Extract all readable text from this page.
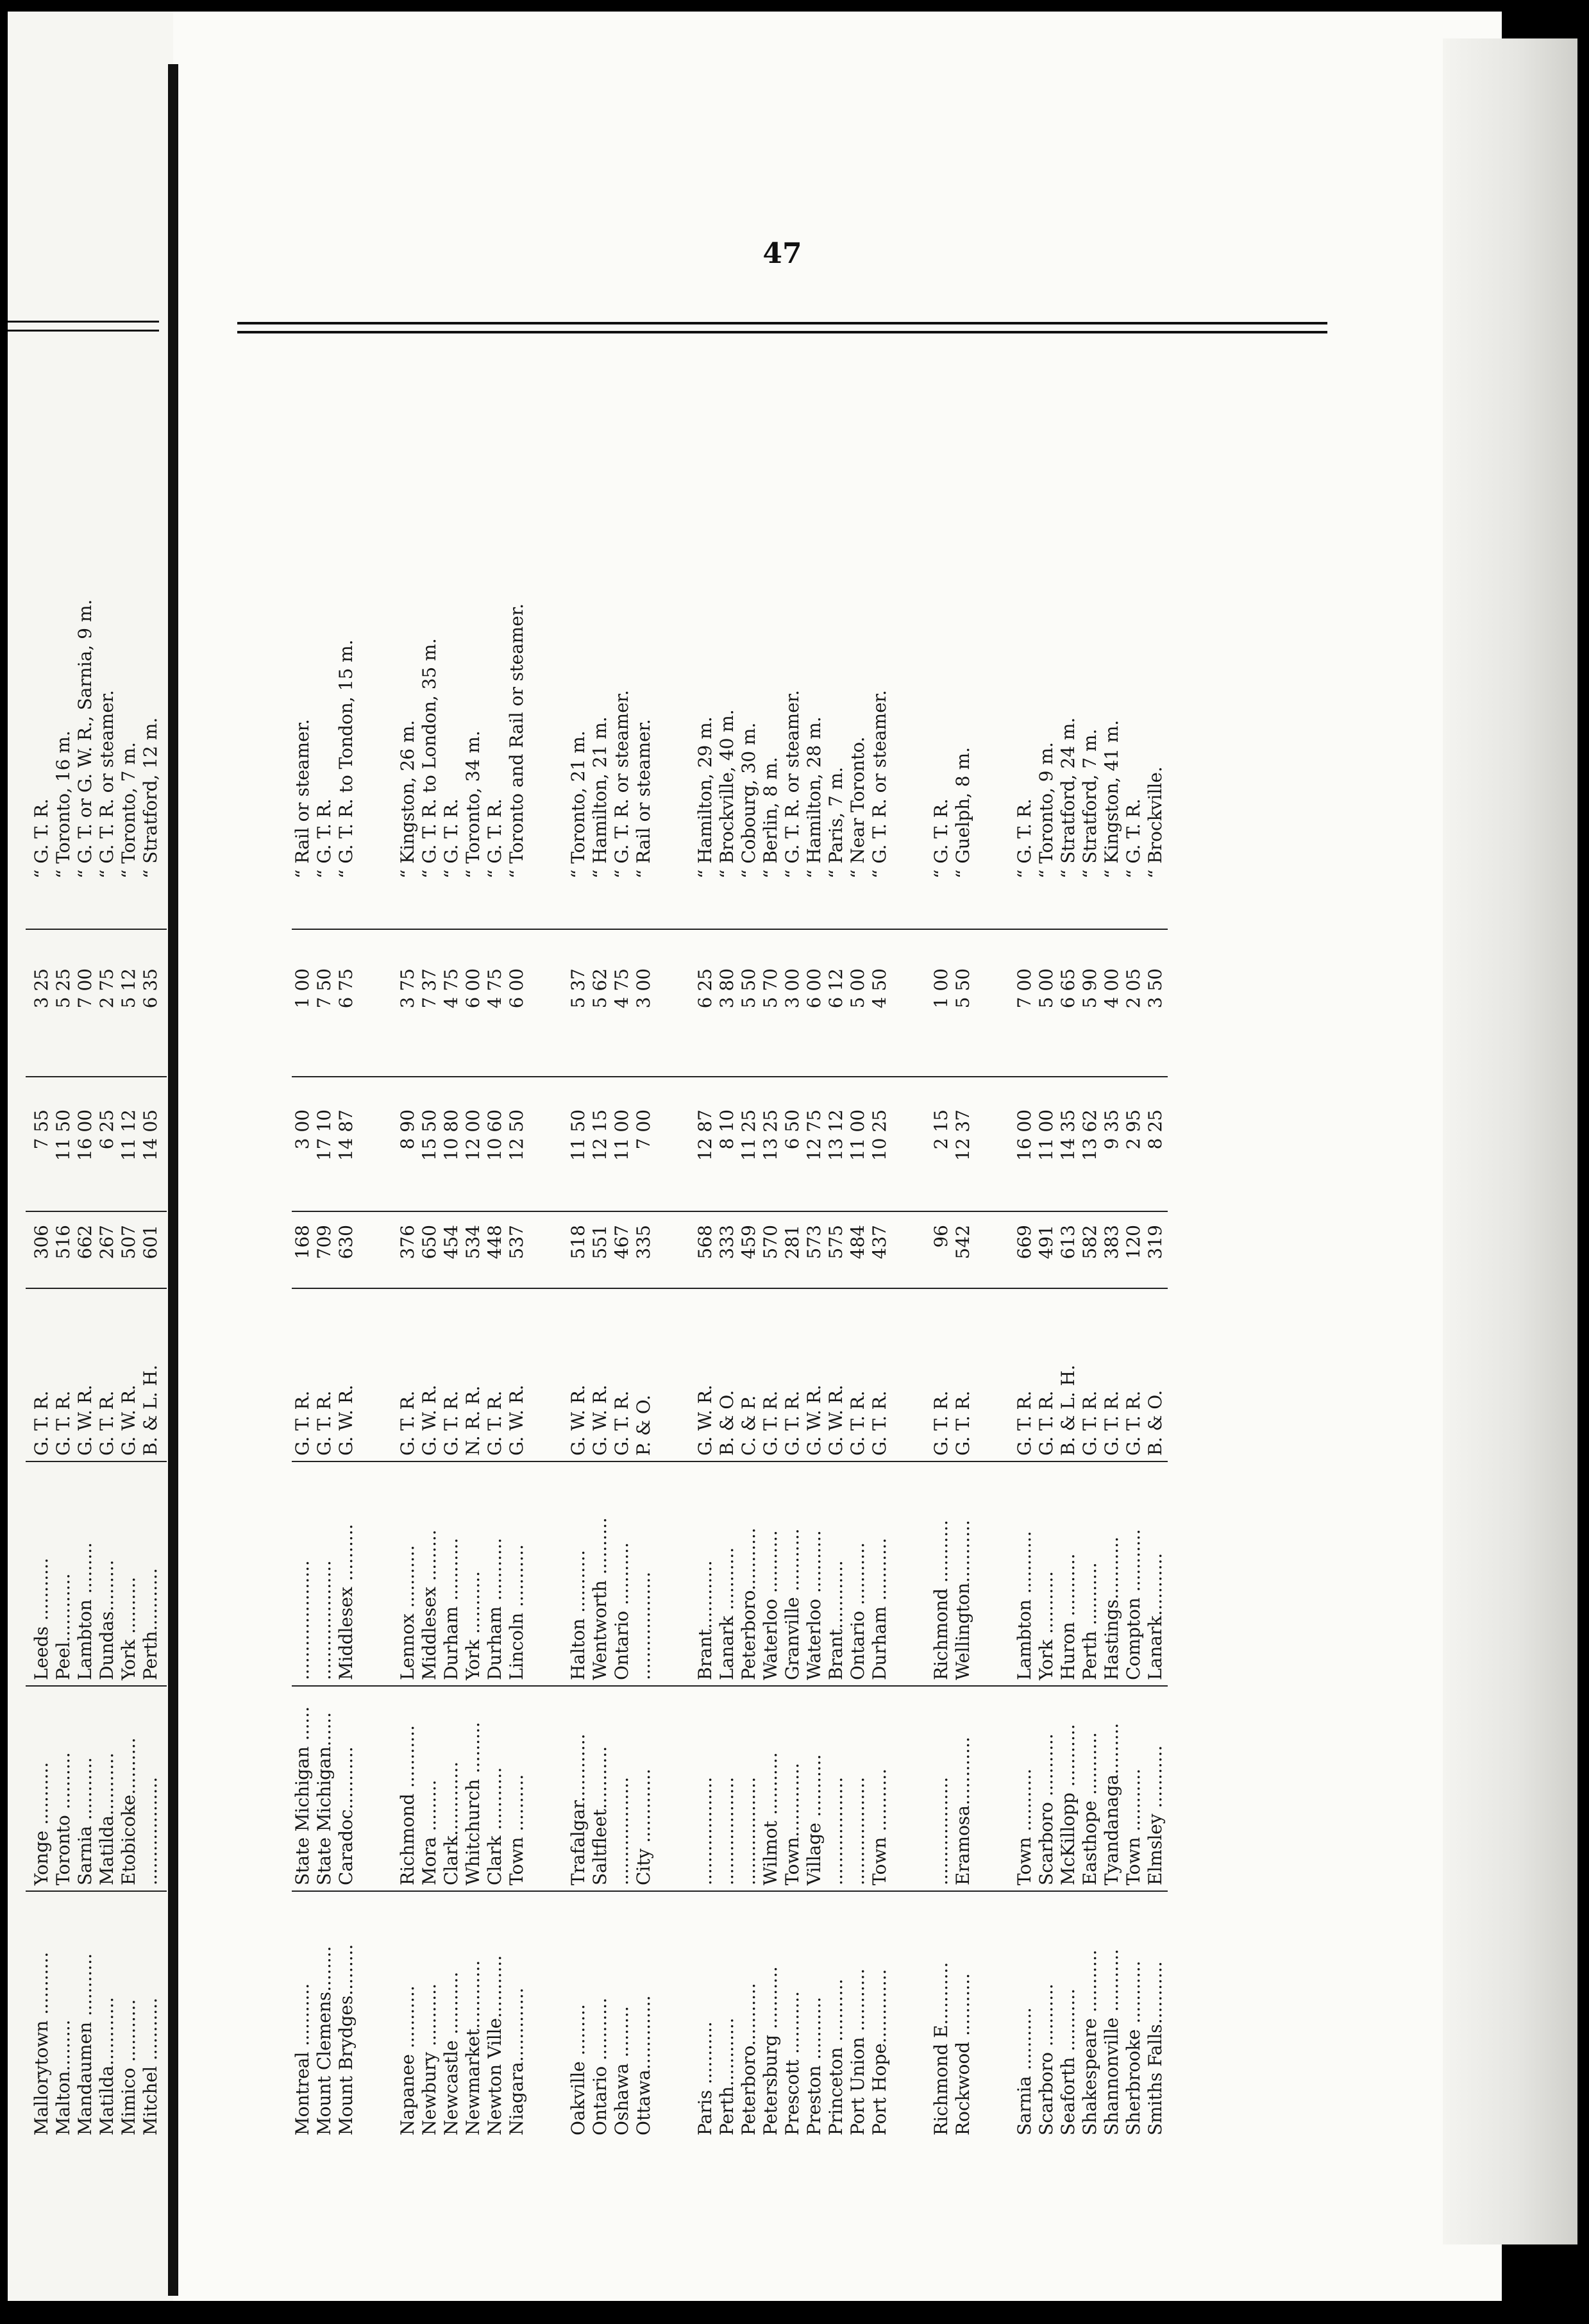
47
Mallorytown ...........
Yonge ...........
Leeds ...........
G. T. R.
306
7 55
3 25
“ G. T. R.
Malton.........
Toronto ..........
Peel............
G. T. R.
516
11 50
5 25
“ Toronto, 16 m.
Mandaumen ...........
Sarnia ...........
Lambton .........
G. W. R.
662
16 00
7 00
“ G. T. or G. W. R., Sarnia, 9 m.
Matilda............
Matilda...........
Dundas.........
G. T. R.
267
6 25
2 75
“ G. T. R. or steamer.
Mimico ...........
Etobicoke..........
York ..........
G. W. R.
507
11 12
5 12
“ Toronto, 7 m.
Mitchel ...........
...................
Perth...........
B. & L. H.
601
14 05
6 35
“ Stratford, 12 m.
Montreal ...........
State Michigan ......
.....................
G. T. R.
168
3 00
1 00
“ Rail or steamer.
Mount Clemens........
State Michigan......
.....................
G. T. R.
709
17 10
7 50
“ G. T. R.
Mount Brydges.........
Caradoc...........
Middlesex ..........
G. W. R.
630
14 87
6 75
“ G. T. R. to Tondon, 15 m.
Napanee ...........
Richmond ...........
Lennox ...........
G. T. R.
376
8 90
3 75
“ Kingston, 26 m.
Newbury ...........
Mora .........
Middlesex .........
G. W. R.
650
15 50
7 37
“ G. T. R. to London, 35 m.
Newcastle ...........
Clark.............
Durham ...........
G. T. R.
454
10 80
4 75
“ G. T. R.
Newmarket............
Whitchurch .........
York ...........
N. R. R.
534
12 00
6 00
“ Toronto, 34 m.
Newton Ville...........
Clark ...........
Durham ...........
G. T. R.
448
10 60
4 75
“ G. T. R.
Niagara.............
Town ..........
Lincoln ...........
G. W. R.
537
12 50
6 00
“ Toronto and Rail or steamer.
Oakville .........
Trafalgar............
Halton ...........
G. W. R.
518
11 50
5 37
“ Toronto, 21 m.
Ontario ...........
Saltfleet...........
Wentworth ..........
G. W. R.
551
12 15
5 62
“ Hamilton, 21 m.
Oshawa .........
...................
Ontario ...........
G. T. R.
467
11 00
4 75
“ G. T. R. or steamer.
Ottawa.............
City .............
...................
P. & O.
335
7 00
3 00
“ Rail or steamer.
Paris ...........
...................
Brant............
G. W. R.
568
12 87
6 25
“ Hamilton, 29 m.
Perth............
...................
Lanark ...........
B. & O.
333
8 10
3 80
“ Brockville, 40 m.
Peterboro...........
...................
Peterboro...........
C. & P.
459
11 25
5 50
“ Cobourg, 30 m.
Petersburg ...........
Wilmot ...........
Waterloo ...........
G. T. R.
570
13 25
5 70
“ Berlin, 8 m.
Prescott ...........
Town.............
Granville ...........
G. T. R.
281
6 50
3 00
“ G. T. R. or steamer.
Preston ...........
Village ...........
Waterloo ...........
G. W. R.
573
12 75
6 00
“ Hamilton, 28 m.
Princeton ...........
...................
Brant............
G. W. R.
575
13 12
6 12
“ Paris, 7 m.
Port Union ...........
...................
Ontario ...........
G. T. R.
484
11 00
5 00
“ Near Toronto.
Port Hope.............
Town ...........
Durham ...........
G. T. R.
437
10 25
4 50
“ G. T. R. or steamer.
Richmond E...........
...................
Richmond ...........
G. T. R.
96
2 15
1 00
“ G. T. R.
Rockwood ...........
Eramosa............
Wellington...........
G. T. R.
542
12 37
5 50
“ Guelph, 8 m.
Sarnia ...........
Town ...........
Lambton ...........
G. T. R.
669
16 00
7 00
“ G. T. R.
Scarboro ...........
Scarboro ...........
York ...........
G. T. R.
491
11 00
5 00
“ Toronto, 9 m.
Seaforth ...........
McKillopp ...........
Huron ...........
B. & L. H.
613
14 35
6 65
“ Stratford, 24 m.
Shakespeare ...........
Easthope ...........
Perth ...........
G. T. R.
582
13 62
5 90
“ Stratford, 7 m.
Shannonville ...........
Tyandanaga.........
Hastings...........
G. T. R.
383
9 35
4 00
“ Kingston, 41 m.
Sherbrooke ...........
Town ...........
Compton ...........
G. T. R.
120
2 95
2 05
“ G. T. R.
Smiths Falls...........
Elmsley ...........
Lanark...........
B. & O.
319
8 25
3 50
“ Brockville.
